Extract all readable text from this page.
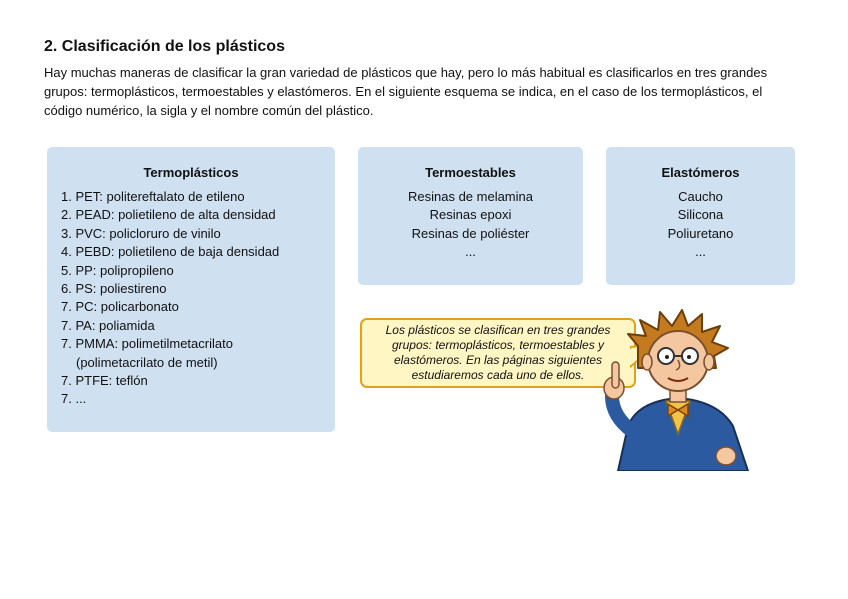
2. Clasificación de los plásticos

Hay muchas maneras de clasificar la gran variedad de plásticos que hay, pero lo más habitual es clasificarlos en tres grandes grupos: termoplásticos, termoestables y elastómeros. En el siguiente esquema se indica, en el caso de los termoplásticos, el código numérico, la sigla y el nombre común del plástico.

Termoplásticos
1. PET: politereftalato de etileno
2. PEAD: polietileno de alta densidad
3. PVC: policloruro de vinilo
4. PEBD: polietileno de baja densidad
5. PP: polipropileno
6. PS: poliestireno
7. PC: policarbonato
7. PA: poliamida
7. PMMA: polimetilmetacrilato
(polimetacrilato de metil)
7. PTFE: teflón
7. ...
Termoestables
Resinas de melamina
Resinas epoxi
Resinas de poliéster
...
Elastómeros
Caucho
Silicona
Poliuretano
...
Los plásticos se clasifican en tres grandes grupos: termoplásticos, termoestables y elastómeros. En las páginas siguientes estudiaremos cada uno de ellos.
